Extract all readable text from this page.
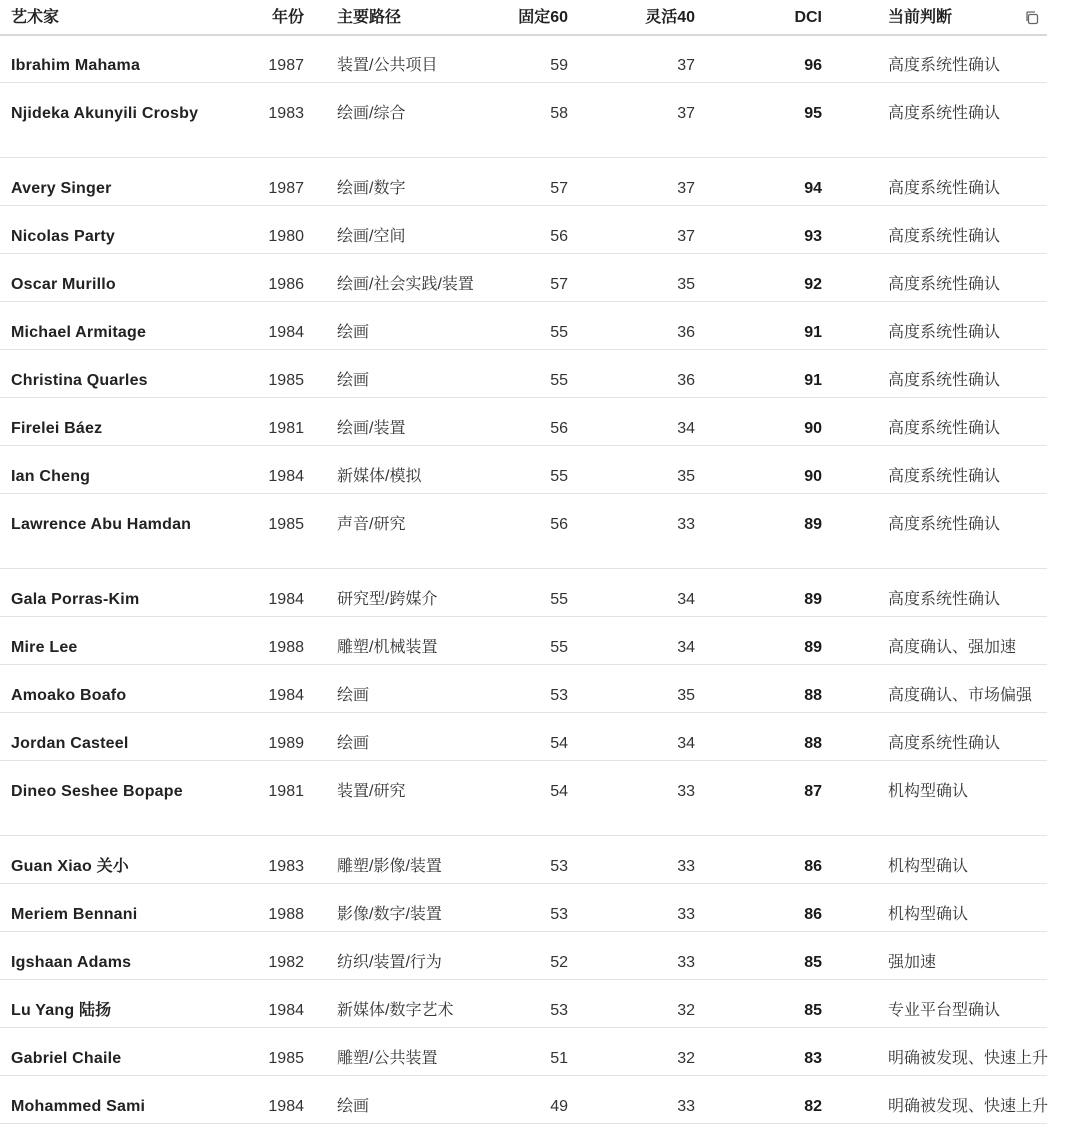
艺术家	年份 主要路径	固定60	灵活40	DCI	当前判断
Ibrahim Mahama	1987 装置/公共项目	59	37	96	高度系统性确认
Njideka Akunyili Crosby	1983 绘画/综合	58	37	95	高度系统性确认
Avery Singer	1987 绘画/数字	57	37	94	高度系统性确认
Nicolas Party	1980 绘画/空间	56	37	93	高度系统性确认
Oscar Murillo	1986 绘画/社会实践/装置	57	35	92	高度系统性确认
Michael Armitage	1984 绘画	55	36	91	高度系统性确认
Christina Quarles	1985 绘画	55	36	91	高度系统性确认
Firelei Báez	1981 绘画/装置	56	34	90	高度系统性确认
Ian Cheng	1984 新媒体/模拟	55	35	90	高度系统性确认
Lawrence Abu Hamdan	1985 声音/研究	56	33	89	高度系统性确认
Gala Porras-Kim	1984 研究型/跨媒介	55	34	89	高度系统性确认
Mire Lee	1988 雕塑/机械装置	55	34	89	高度确认、强加速
Amoako Boafo	1984 绘画	53	35	88	高度确认、市场偏强
Jordan Casteel	1989 绘画	54	34	88	高度系统性确认
Dineo Seshee Bopape	1981 装置/研究	54	33	87	机构型确认
Guan Xiao 关小	1983 雕塑/影像/装置	53	33	86	机构型确认
Meriem Bennani	1988 影像/数字/装置	53	33	86	机构型确认
Igshaan Adams	1982 纺织/装置/行为	52	33	85	强加速
Lu Yang 陆扬	1984 新媒体/数字艺术	53	32	85	专业平台型确认
Gabriel Chaile	1985 雕塑/公共装置	51	32	83	明确被发现、快速上升
Mohammed Sami	1984 绘画	49	33	82	明确被发现、快速上升
